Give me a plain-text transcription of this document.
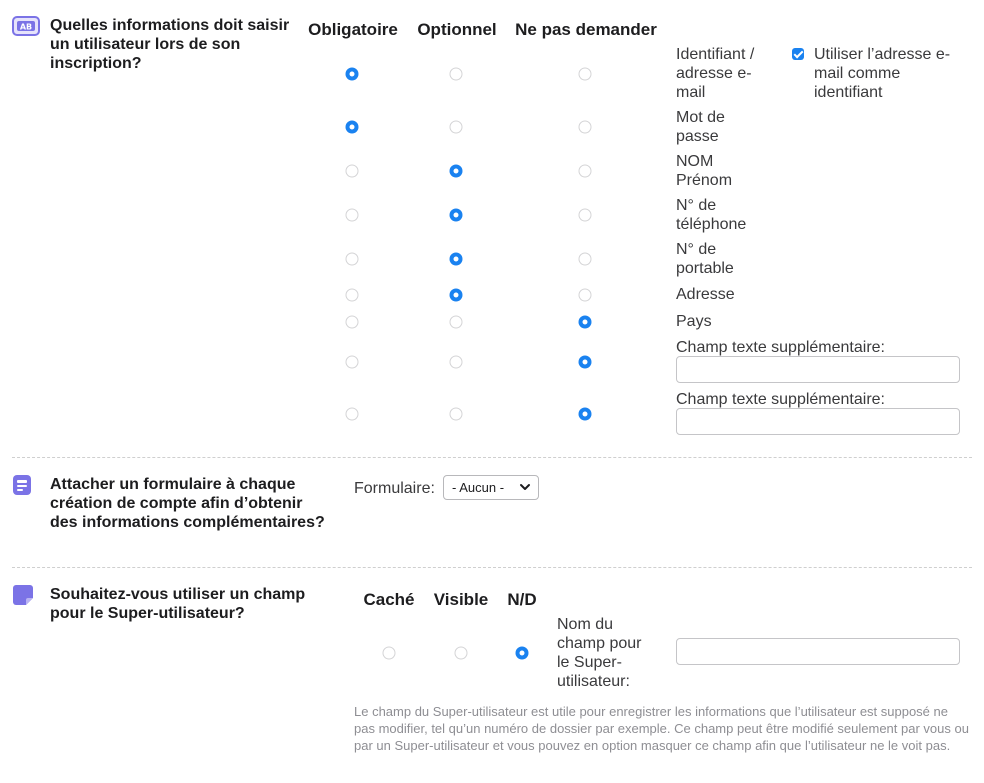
AB Quelles informations doit saisir un utilisateur lors de son inscription?
Obligatoire Optionnel Ne pas demander
Identifiant / adresse e-mail
Mot de passe
NOM Prénom
N° de téléphone
N° de portable
Adresse
Pays
Champ texte supplémentaire:
Champ texte supplémentaire:
Utiliser l’adresse e-mail comme identifiant
Attacher un formulaire à chaque création de compte afin d’obtenir des informations complémentaires?
Formulaire: - Aucun -
Souhaitez-vous utiliser un champ pour le Super-utilisateur?
Caché Visible N/D
Nom du champ pour le Super-utilisateur:
Le champ du Super-utilisateur est utile pour enregistrer les informations que l’utilisateur est supposé ne pas modifier, tel qu’un numéro de dossier par exemple. Ce champ peut être modifié seulement par vous ou par un Super-utilisateur et vous pouvez en option masquer ce champ afin que l’utilisateur ne le voit pas.
